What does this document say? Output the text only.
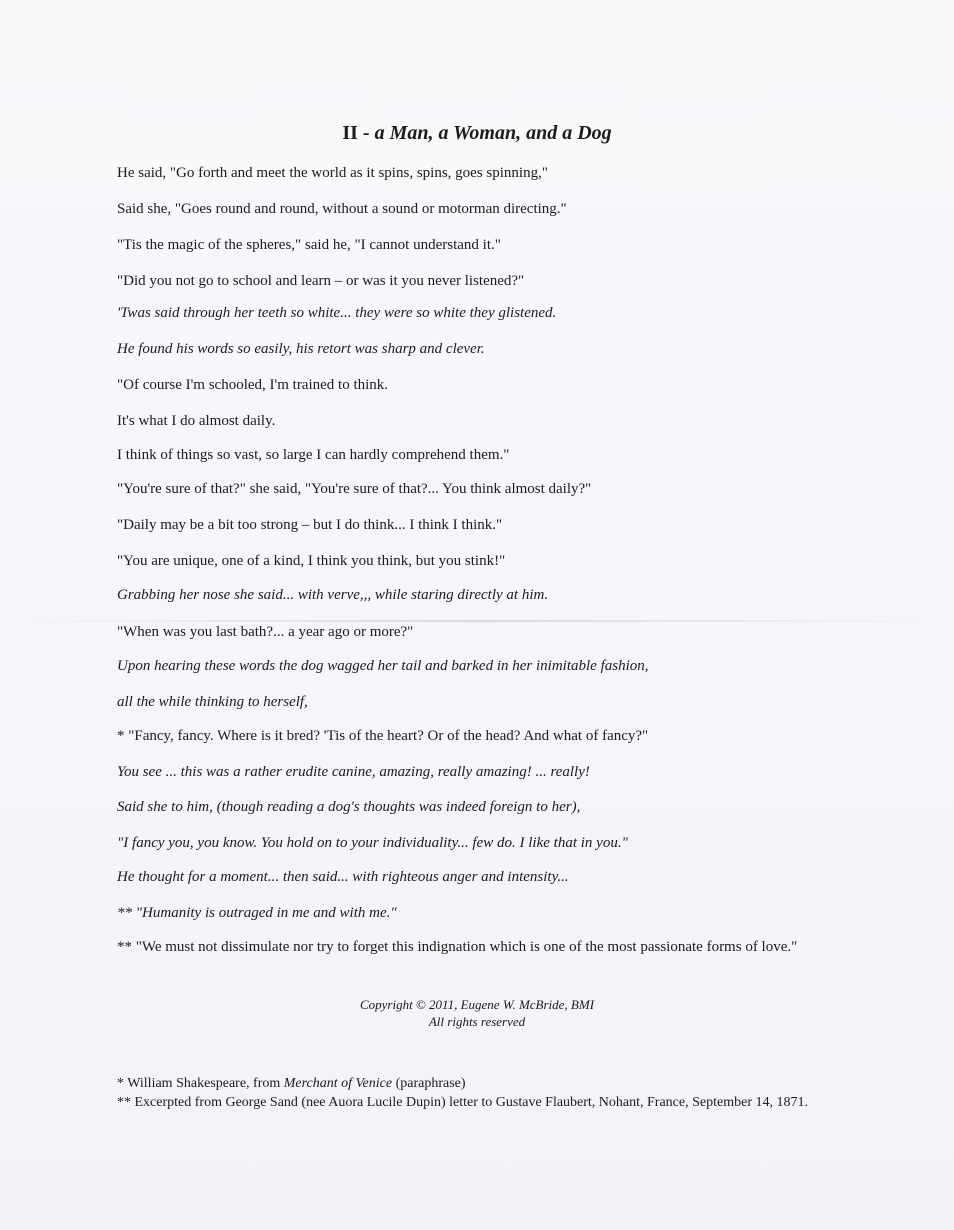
II - a Man, a Woman, and a Dog
He said, "Go forth and meet the world as it spins, spins, goes spinning,"
Said she, "Goes round and round, without a sound or motorman directing."
"Tis the magic of the spheres," said he, "I cannot understand it."
"Did you not go to school and learn – or was it you never listened?"
'Twas said through her teeth so white... they were so white they glistened.
He found his words so easily, his retort was sharp and clever.
"Of course I'm schooled, I'm trained to think.
It's what I do almost daily.
I think of things so vast, so large I can hardly comprehend them."
"You're sure of that?" she said, "You're sure of that?... You think almost daily?"
"Daily may be a bit too strong – but I do think... I think I think."
"You are unique, one of a kind, I think you think, but you stink!"
Grabbing her nose she said... with verve,,, while staring directly at him.
"When was you last bath?... a year ago or more?"
Upon hearing these words the dog wagged her tail and barked in her inimitable fashion,
all the while thinking to herself,
* "Fancy, fancy. Where is it bred? 'Tis of the heart? Or of the head? And what of fancy?"
You see ... this was a rather erudite canine, amazing, really amazing! ... really!
Said she to him, (though reading a dog's thoughts was indeed foreign to her),
"I fancy you, you know. You hold on to your individuality... few do. I like that in you."
He thought for a moment... then said... with righteous anger and intensity...
** "Humanity is outraged in me and with me."
** "We must not dissimulate nor try to forget this indignation which is one of the most passionate forms of love."
Copyright © 2011, Eugene W. McBride, BMI
All rights reserved
* William Shakespeare, from Merchant of Venice (paraphrase)
** Excerpted from George Sand (nee Auora Lucile Dupin) letter to Gustave Flaubert, Nohant, France, September 14, 1871.
